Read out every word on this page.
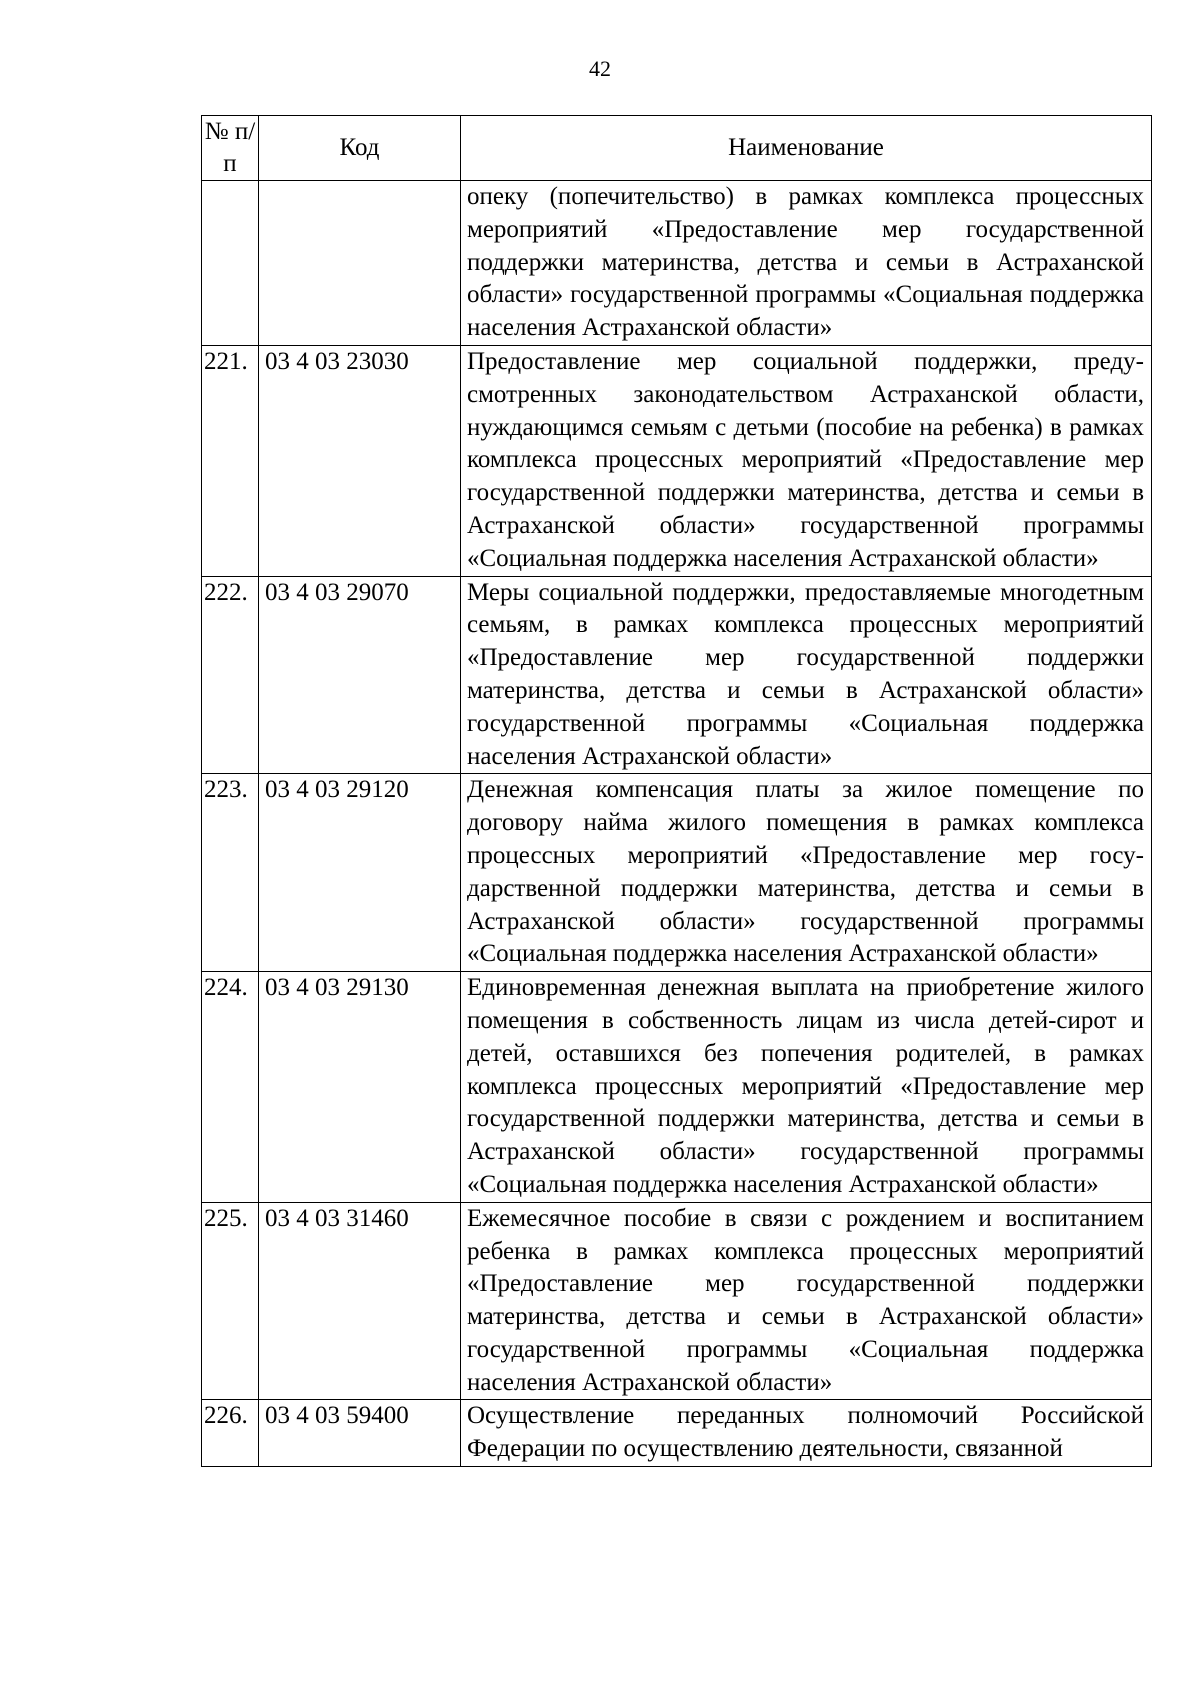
42
№ п/п	Код	Наименование
		опеку (попечительство) в рамках комплекса процессных мероприятий «Предоставление мер государственной поддержки материнства, детства и семьи в Астраханской области» государственной программы «Социальная поддержка населения Астраханской области»
221.	03 4 03 23030	Предоставление мер социальной поддержки, предусмотренных законодательством Астраханской области, нуждающимся семьям с детьми (пособие на ребенка) в рамках комплекса процессных мероприятий «Предоставление мер государственной поддержки материнства, детства и семьи в Астраханской области» государственной программы «Социальная поддержка населения Астраханской области»
222.	03 4 03 29070	Меры социальной поддержки, предоставляемые многодетным семьям, в рамках комплекса процессных мероприятий «Предоставление мер государственной поддержки материнства, детства и семьи в Астраханской области» государственной программы «Социальная поддержка населения Астраханской области»
223.	03 4 03 29120	Денежная компенсация платы за жилое помещение по договору найма жилого помещения в рамках комплекса процессных мероприятий «Предоставление мер государственной поддержки материнства, детства и семьи в Астраханской области» государственной программы «Социальная поддержка населения Астраханской области»
224.	03 4 03 29130	Единовременная денежная выплата на приобретение жилого помещения в собственность лицам из числа детей-сирот и детей, оставшихся без попечения родителей, в рамках комплекса процессных мероприятий «Предоставление мер государственной поддержки материнства, детства и семьи в Астраханской области» государственной программы «Социальная поддержка населения Астраханской области»
225.	03 4 03 31460	Ежемесячное пособие в связи с рождением и воспитанием ребенка в рамках комплекса процессных мероприятий «Предоставление мер государственной поддержки материнства, детства и семьи в Астраханской области» государственной программы «Социальная поддержка населения Астраханской области»
226.	03 4 03 59400	Осуществление переданных полномочий Российской Федерации по осуществлению деятельности, связанной
